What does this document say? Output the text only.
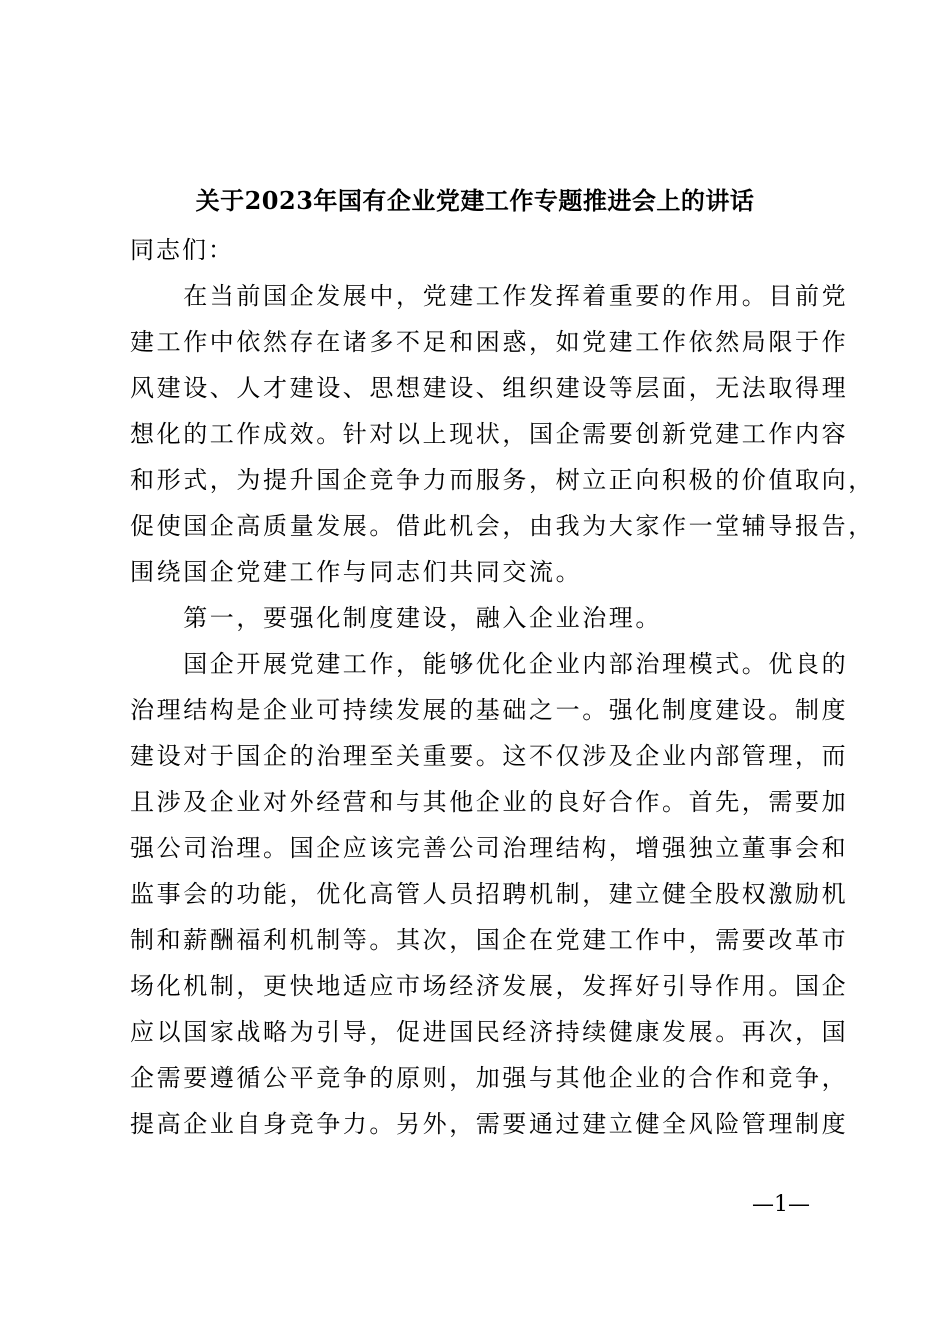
关于2023年国有企业党建工作专题推进会上的讲话
同志们：
　　在当前国企发展中，党建工作发挥着重要的作用。目前党
建工作中依然存在诸多不足和困惑，如党建工作依然局限于作
风建设、人才建设、思想建设、组织建设等层面，无法取得理
想化的工作成效。针对以上现状，国企需要创新党建工作内容
和形式，为提升国企竞争力而服务，树立正向积极的价值取向，
促使国企高质量发展。借此机会，由我为大家作一堂辅导报告，
围绕国企党建工作与同志们共同交流。
　　第一，要强化制度建设，融入企业治理。
　　国企开展党建工作，能够优化企业内部治理模式。优良的
治理结构是企业可持续发展的基础之一。强化制度建设。制度
建设对于国企的治理至关重要。这不仅涉及企业内部管理，而
且涉及企业对外经营和与其他企业的良好合作。首先，需要加
强公司治理。国企应该完善公司治理结构，增强独立董事会和
监事会的功能，优化高管人员招聘机制，建立健全股权激励机
制和薪酬福利机制等。其次，国企在党建工作中，需要改革市
场化机制，更快地适应市场经济发展，发挥好引导作用。国企
应以国家战略为引导，促进国民经济持续健康发展。再次，国
企需要遵循公平竞争的原则，加强与其他企业的合作和竞争，
提高企业自身竞争力。另外，需要通过建立健全风险管理制度
—1—
